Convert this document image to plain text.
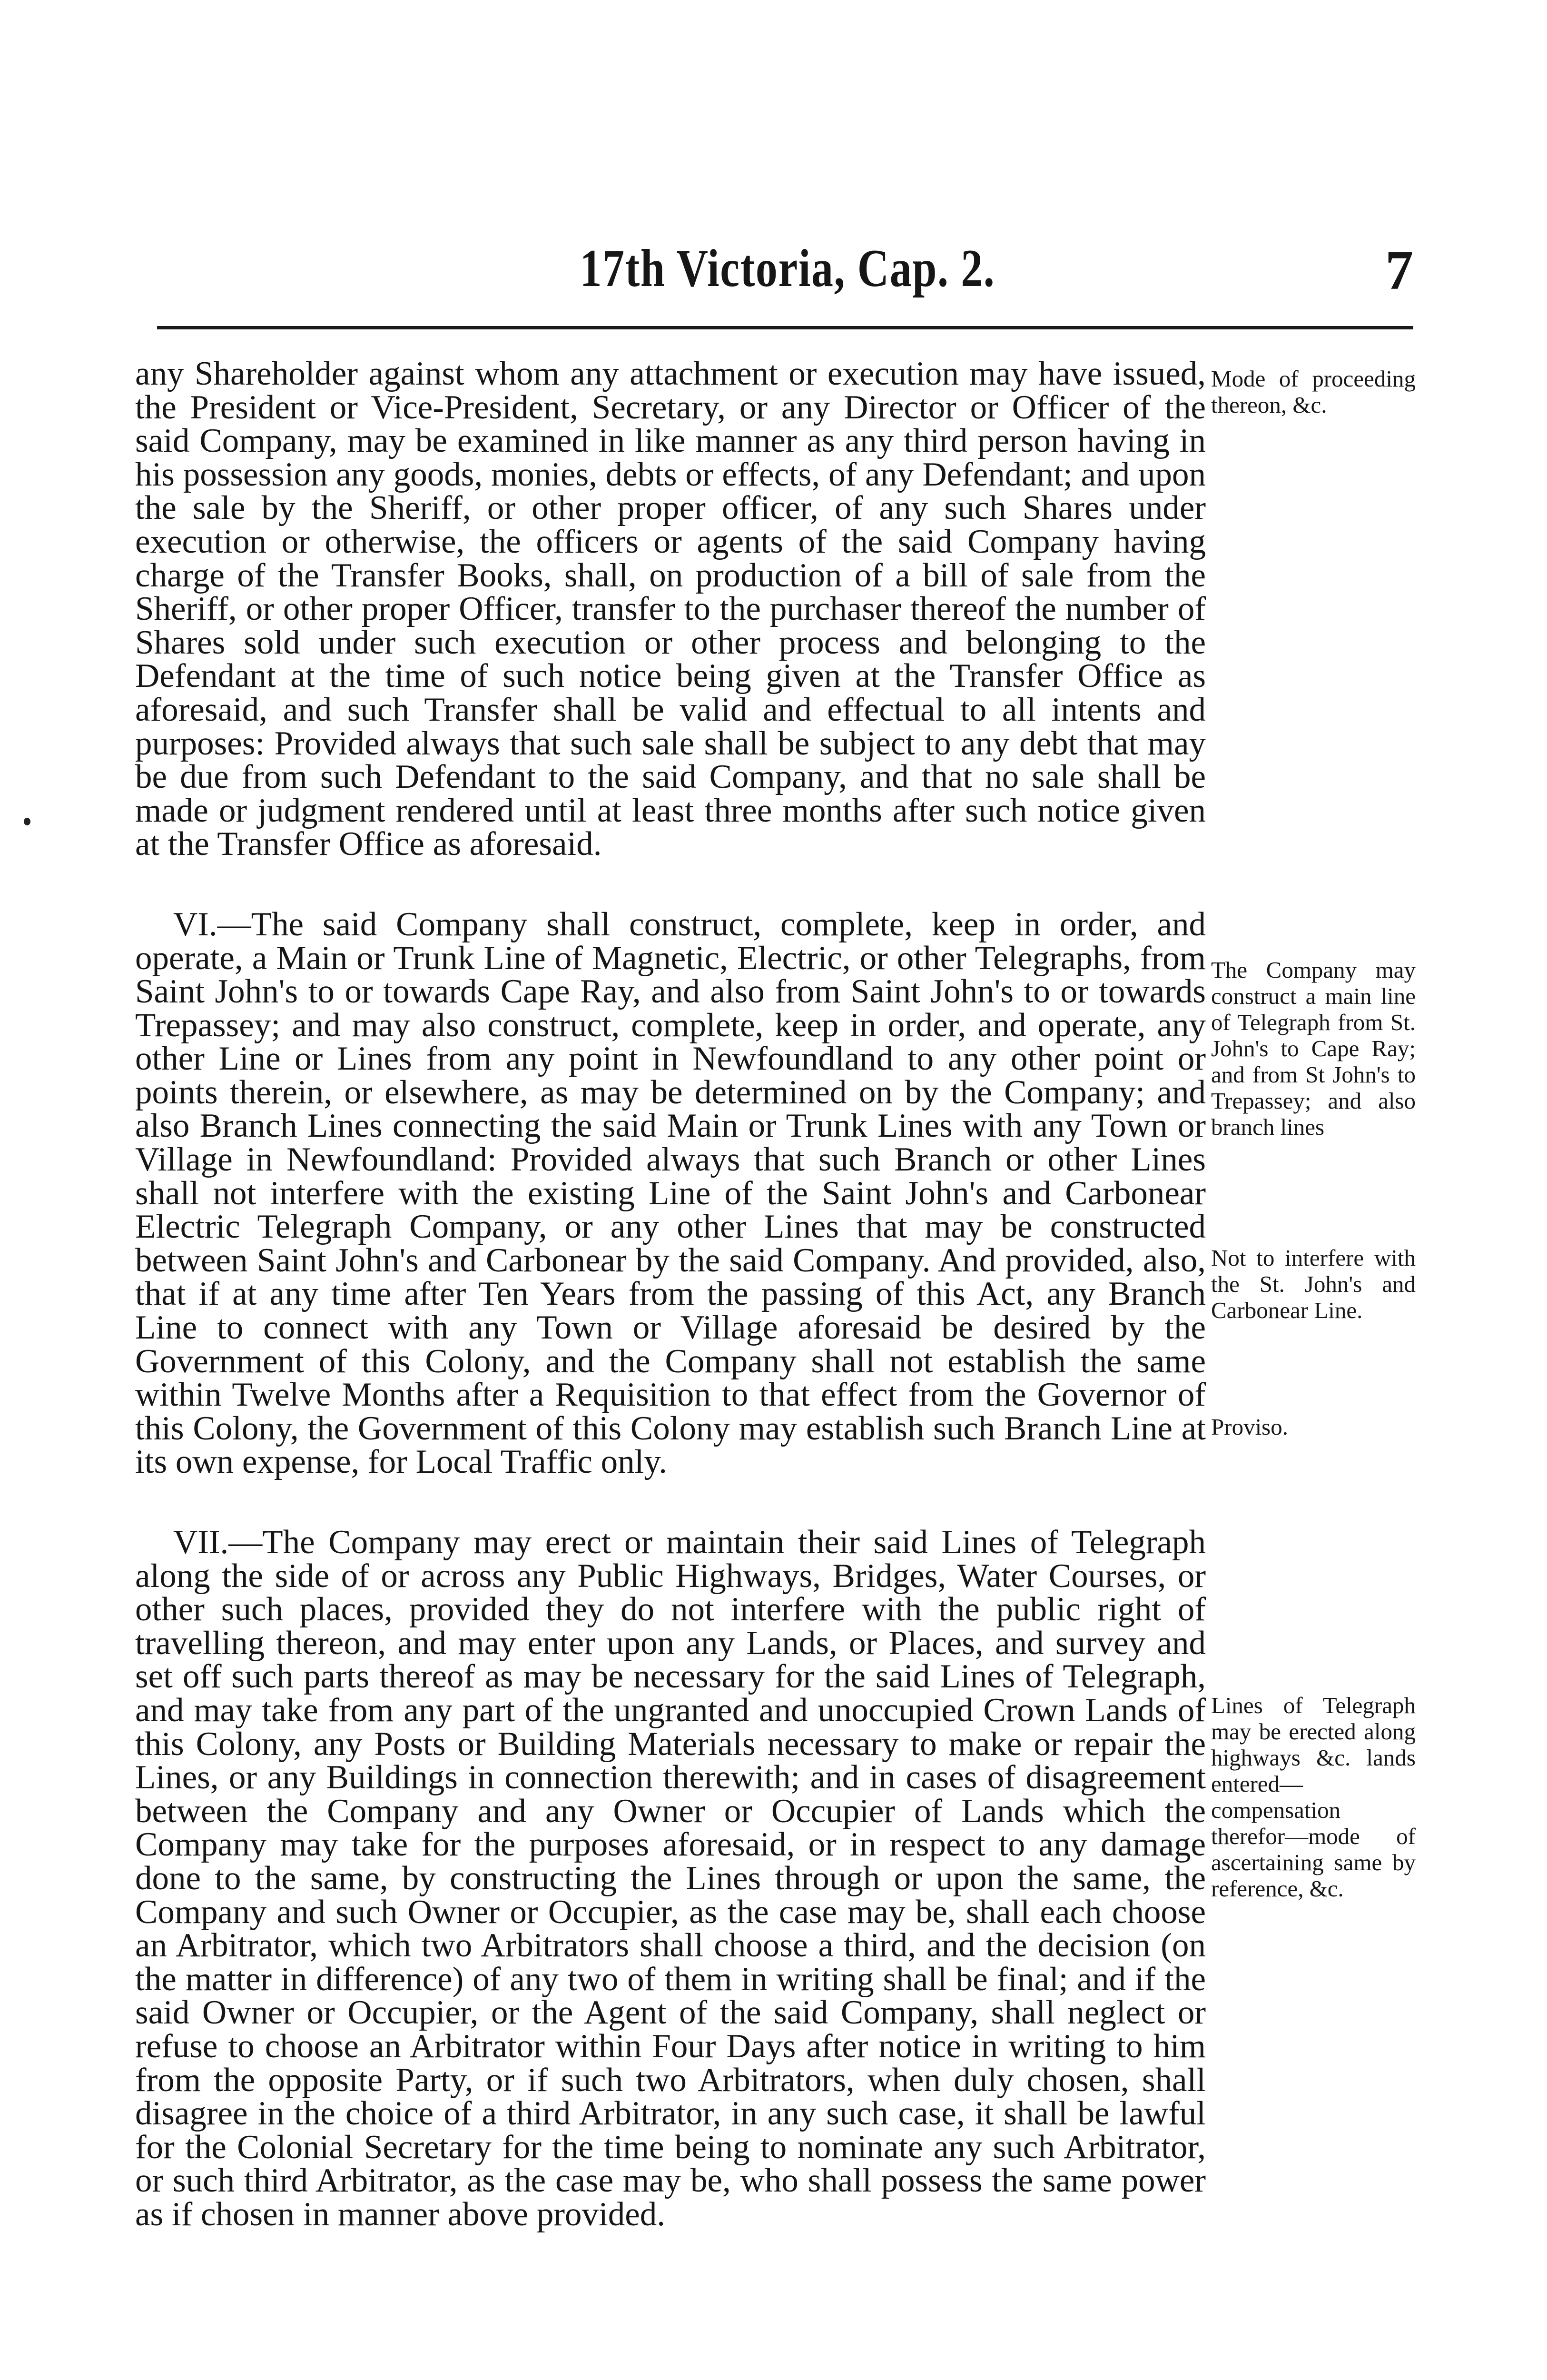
17th Victoria, Cap. 2.	7

any Shareholder against whom any attachment or execution may have issued, the President or Vice-President, Secretary, or any Director or Officer of the said Company, may be examined in like manner as any third person having in his possession any goods, monies, debts or effects, of any Defendant; and upon the sale by the Sheriff, or other proper officer, of any such Shares under execution or otherwise, the officers or agents of the said Company having charge of the Transfer Books, shall, on production of a bill of sale from the Sheriff, or other proper Officer, transfer to the purchaser thereof the number of Shares sold under such execution or other process and belonging to the Defendant at the time of such notice being given at the Transfer Office as aforesaid, and such Transfer shall be valid and effectual to all intents and purposes: Provided always that such sale shall be subject to any debt that may be due from such Defendant to the said Company, and that no sale shall be made or judgment rendered until at least three months after such notice given at the Transfer Office as aforesaid.

VI.—The said Company shall construct, complete, keep in order, and operate, a Main or Trunk Line of Magnetic, Electric, or other Telegraphs, from Saint John's to or towards Cape Ray, and also from Saint John's to or towards Trepassey; and may also construct, complete, keep in order, and operate, any other Line or Lines from any point in Newfoundland to any other point or points therein, or elsewhere, as may be determined on by the Company; and also Branch Lines connecting the said Main or Trunk Lines with any Town or Village in Newfoundland: Provided always that such Branch or other Lines shall not interfere with the existing Line of the Saint John's and Carbonear Electric Telegraph Company, or any other Lines that may be constructed between Saint John's and Carbonear by the said Company. And provided, also, that if at any time after Ten Years from the passing of this Act, any Branch Line to connect with any Town or Village aforesaid be desired by the Government of this Colony, and the Company shall not establish the same within Twelve Months after a Requisition to that effect from the Governor of this Colony, the Government of this Colony may establish such Branch Line at its own expense, for Local Traffic only.

VII.—The Company may erect or maintain their said Lines of Telegraph along the side of or across any Public Highways, Bridges, Water Courses, or other such places, provided they do not interfere with the public right of travelling thereon, and may enter upon any Lands, or Places, and survey and set off such parts thereof as may be necessary for the said Lines of Telegraph, and may take from any part of the ungranted and unoccupied Crown Lands of this Colony, any Posts or Building Materials necessary to make or repair the Lines, or any Buildings in connection therewith; and in cases of disagreement between the Company and any Owner or Occupier of Lands which the Company may take for the purposes aforesaid, or in respect to any damage done to the same, by constructing the Lines through or upon the same, the Company and such Owner or Occupier, as the case may be, shall each choose an Arbitrator, which two Arbitrators shall choose a third, and the decision (on the matter in difference) of any two of them in writing shall be final; and if the said Owner or Occupier, or the Agent of the said Company, shall neglect or refuse to choose an Arbitrator within Four Days after notice in writing to him from the opposite Party, or if such two Arbitrators, when duly chosen, shall disagree in the choice of a third Arbitrator, in any such case, it shall be lawful for the Colonial Secretary for the time being to nominate any such Arbitrator, or such third Arbitrator, as the case may be, who shall possess the same power as if chosen in manner above provided.

Mode of proceeding thereon, &c.

The Company may construct a main line of Telegraph from St. John's to Cape Ray; and from St John's to Trepassey; and also branch lines

Not to interfere with the St. John's and Carbonear Line.

Proviso.

Lines of Telegraph may be erected along highways &c. lands entered—compensation therefor—mode of ascertaining same by reference, &c.
